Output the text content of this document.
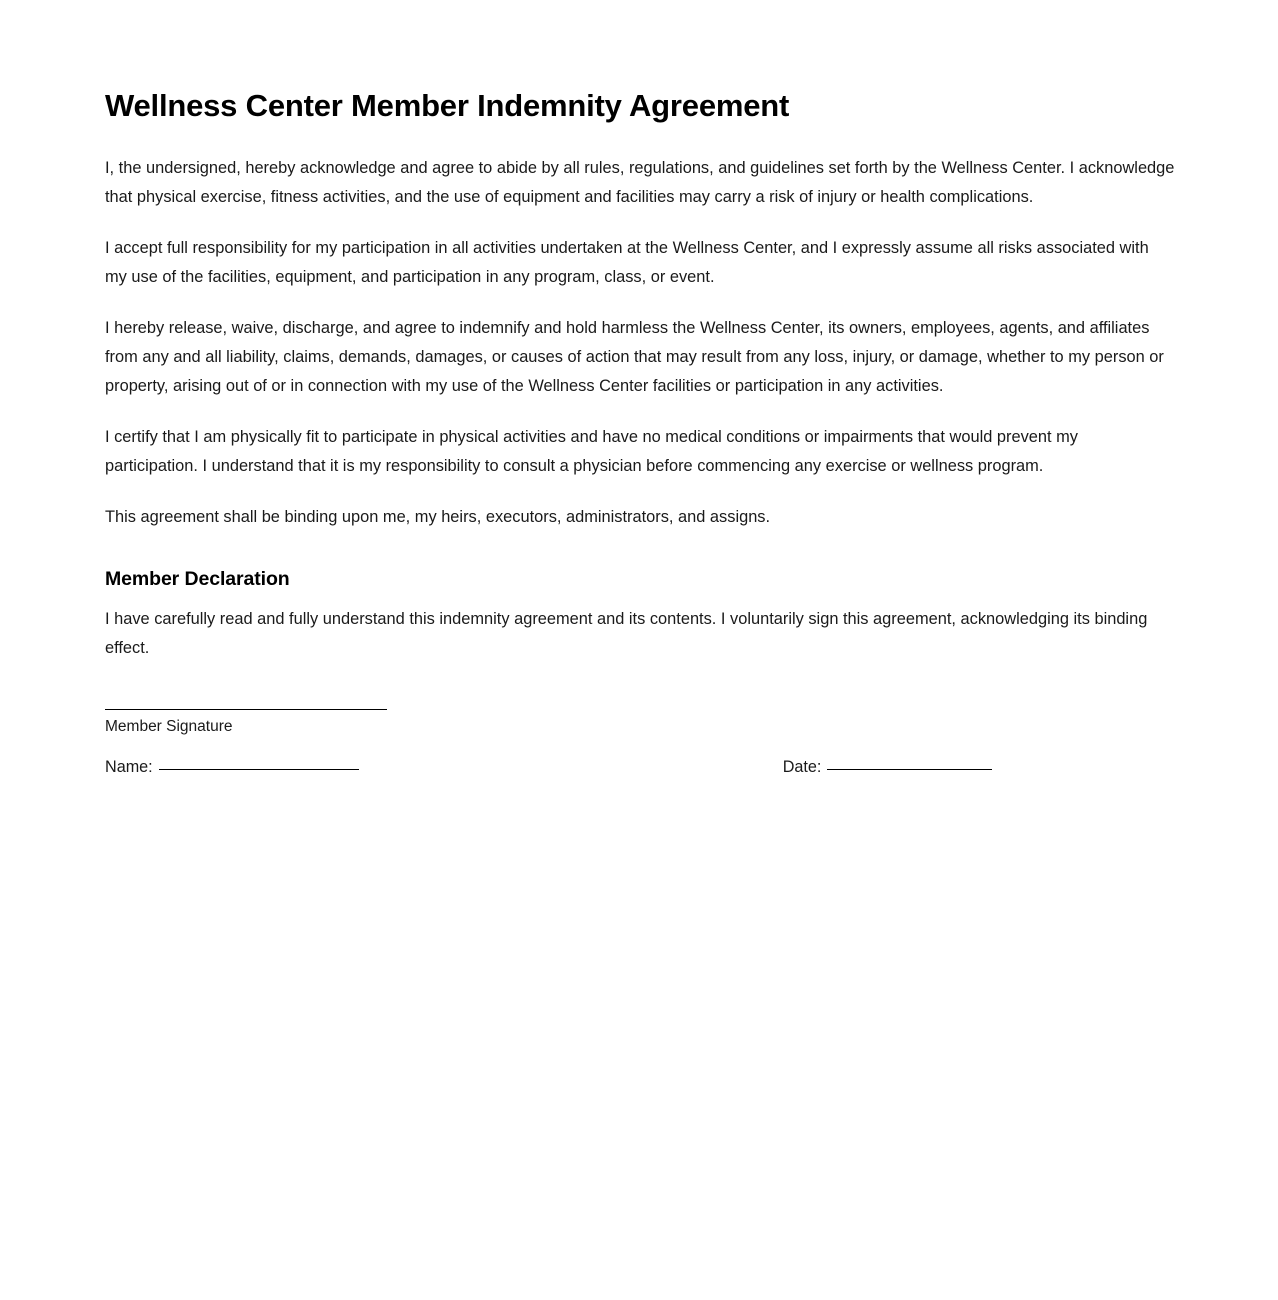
Wellness Center Member Indemnity Agreement

I, the undersigned, hereby acknowledge and agree to abide by all rules, regulations, and guidelines set forth by the Wellness Center. I acknowledge that physical exercise, fitness activities, and the use of equipment and facilities may carry a risk of injury or health complications.

I accept full responsibility for my participation in all activities undertaken at the Wellness Center, and I expressly assume all risks associated with my use of the facilities, equipment, and participation in any program, class, or event.

I hereby release, waive, discharge, and agree to indemnify and hold harmless the Wellness Center, its owners, employees, agents, and affiliates from any and all liability, claims, demands, damages, or causes of action that may result from any loss, injury, or damage, whether to my person or property, arising out of or in connection with my use of the Wellness Center facilities or participation in any activities.

I certify that I am physically fit to participate in physical activities and have no medical conditions or impairments that would prevent my participation. I understand that it is my responsibility to consult a physician before commencing any exercise or wellness program.

This agreement shall be binding upon me, my heirs, executors, administrators, and assigns.

Member Declaration

I have carefully read and fully understand this indemnity agreement and its contents. I voluntarily sign this agreement, acknowledging its binding effect.

Member Signature
Name:	Date:
